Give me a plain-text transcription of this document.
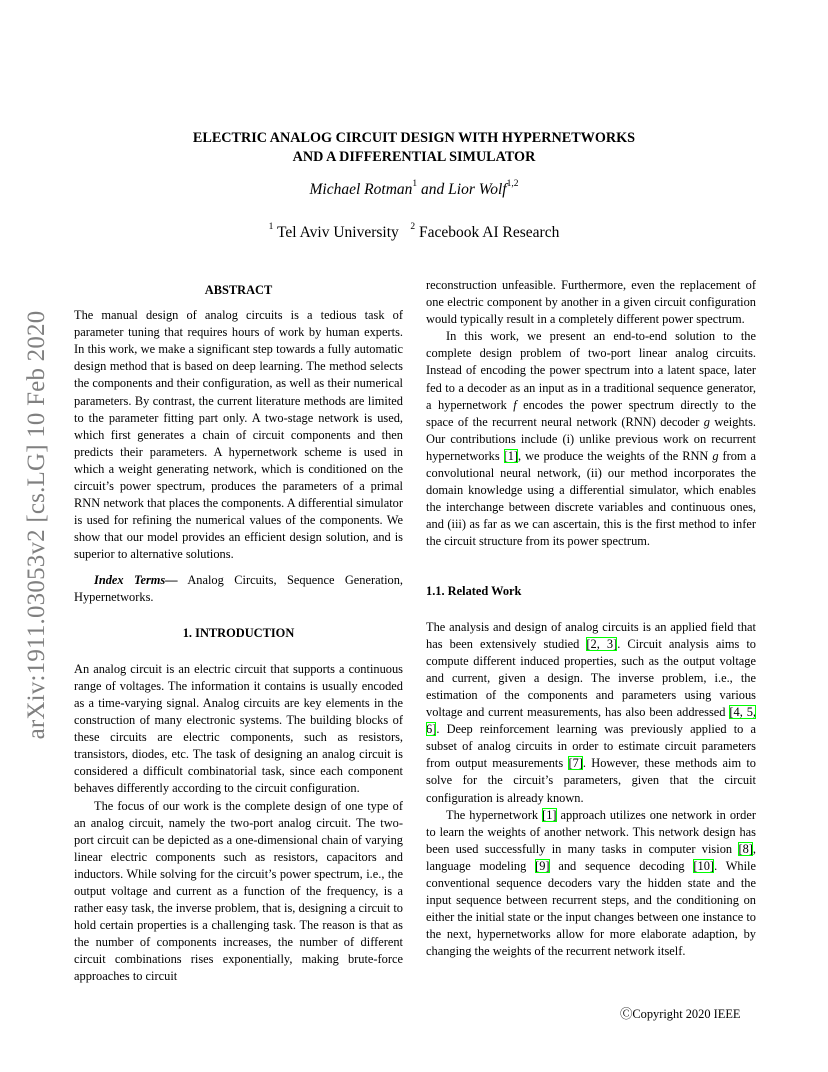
arXiv:1911.03053v2 [cs.LG] 10 Feb 2020
ELECTRIC ANALOG CIRCUIT DESIGN WITH HYPERNETWORKS
AND A DIFFERENTIAL SIMULATOR
Michael Rotman$^1$ and Lior Wolf$^{1,2}$
$^1$ Tel Aviv University $^2$ Facebook AI Research
ABSTRACT

The manual design of analog circuits is a tedious task of parameter tuning that requires hours of work by human experts. In this work, we make a significant step towards a fully automatic design method that is based on deep learning. The method selects the components and their configuration, as well as their numerical parameters. By contrast, the current literature methods are limited to the parameter fitting part only. A two-stage network is used, which first generates a chain of circuit components and then predicts their parameters. A hypernetwork scheme is used in which a weight generating network, which is conditioned on the circuit’s power spectrum, produces the parameters of a primal RNN network that places the components. A differential simulator is used for refining the numerical values of the components. We show that our model provides an efficient design solution, and is superior to alternative solutions.

Index Terms— Analog Circuits, Sequence Generation, Hypernetworks.

1. INTRODUCTION

An analog circuit is an electric circuit that supports a continuous range of voltages. The information it contains is usually encoded as a time-varying signal. Analog circuits are key elements in the construction of many electronic systems. The building blocks of these circuits are electric components, such as resistors, transistors, diodes, etc. The task of designing an analog circuit is considered a difficult combinatorial task, since each component behaves differently according to the circuit configuration.

The focus of our work is the complete design of one type of an analog circuit, namely the two-port analog circuit. The two-port circuit can be depicted as a one-dimensional chain of varying linear electric components such as resistors, capacitors and inductors. While solving for the circuit’s power spectrum, i.e., the output voltage and current as a function of the frequency, is a rather easy task, the inverse problem, that is, designing a circuit to hold certain properties is a challenging task. The reason is that as the number of components increases, the number of different circuit combinations rises exponentially, making brute-force approaches to circuit

reconstruction unfeasible. Furthermore, even the replacement of one electric component by another in a given circuit configuration would typically result in a completely different power spectrum.

In this work, we present an end-to-end solution to the complete design problem of two-port linear analog circuits. Instead of encoding the power spectrum into a latent space, later fed to a decoder as an input as in a traditional sequence generator, a hypernetwork f encodes the power spectrum directly to the space of the recurrent neural network (RNN) decoder g weights. Our contributions include (i) unlike previous work on recurrent hypernetworks [1], we produce the weights of the RNN g from a convolutional neural network, (ii) our method incorporates the domain knowledge using a differential simulator, which enables the interchange between discrete variables and continuous ones, and (iii) as far as we can ascertain, this is the first method to infer the circuit structure from its power spectrum.

1.1. Related Work

The analysis and design of analog circuits is an applied field that has been extensively studied [2, 3]. Circuit analysis aims to compute different induced properties, such as the output voltage and current, given a design. The inverse problem, i.e., the estimation of the components and parameters using various voltage and current measurements, has also been addressed [4, 5, 6]. Deep reinforcement learning was previously applied to a subset of analog circuits in order to estimate circuit parameters from output measurements [7]. However, these methods aim to solve for the circuit’s parameters, given that the circuit configuration is already known.

The hypernetwork [1] approach utilizes one network in order to learn the weights of another network. This network design has been used successfully in many tasks in computer vision [8], language modeling [9] and sequence decoding [10]. While conventional sequence decoders vary the hidden state and the input sequence between recurrent steps, and the conditioning on either the initial state or the input changes between one instance to the next, hypernetworks allow for more elaborate adaption, by changing the weights of the recurrent network itself.

ⒸCopyright 2020 IEEE
